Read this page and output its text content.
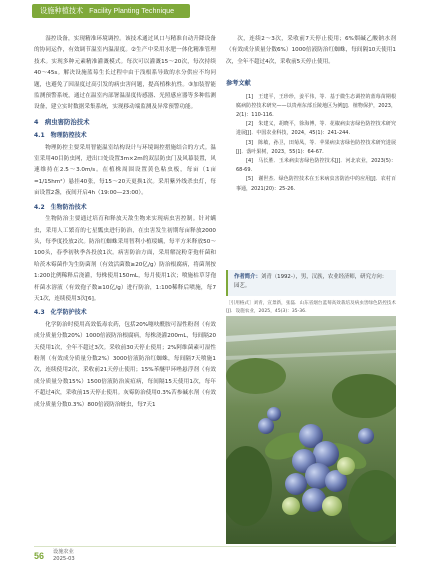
设施种植技术 Facility Planting Technique

湿控设备，实现精准环境调控。该技术通过风口与精准自动升降设备的协同运作，有效调节温室内温湿度。②生产中采用水肥一体化精准管理技术。实现多种元素精准灌溉模式。每次可以灌溉15～20次，每次持续40～45s。解决设施蓝莓生长过程中由于浅根系导致的水分供应不均问题，也避免了因湿度过高引发的病虫害问题，提高植株抗性。③加装智能监测预警系统，通过在温室内部署温湿度传感器、光照感应器等多种监测设备，建立实时数据采集系统，实现移动端监测及异常预警功能。

4　病虫害防治技术
4.1　物理防控技术

物理防控主要采用智能温室结构设计与环境调控措施结合的方式。温室采用40目防虫网，进出口处设置3m×2m的双层防虫门及风幕装置，风速维持在2.5～3.0m/s。在植株周围设置黄色粘虫板，每亩（1亩=1/15hm²）悬挂40张，每15～20天更换1次。采用紫外线杀虫灯，每亩设置2盏，夜间开启4h（19:00—23:00）。

4.2　生物防治技术

生物防治主要通过培育和释放天敌生物来实现病虫害控制。针对螨虫，采用人工繁育的七星瓢虫进行防治，在虫害发生初期每亩释放2000头，每季度投放2次。防治红蜘蛛采用智利小植绥螨，每平方米释放50～100头，春季初秋季各投放1次。病害防治方面，采用解淀粉芽孢杆菌和哈茨木霉菌作为生防菌剂（有效活菌数≥20亿/g）防治根腐病，将菌剂按1:200比例稀释后浇灌，每株使用150mL，每月使用1次；喷施枯草芽孢杆菌水溶液（有效孢子数≥10亿/g）进行防治，1:100稀释后喷施，每7天1次，连续使用3次[6]。

4.3　化学防护技术

化学防治时使用高效低毒农药，包括20%噻呋酰胺可湿性粉剂（有效成分质量分数20%）1000倍液防治根腐病，每株浇灌200mL，每间隔20天使用1次，全年不超过3次。采收前30天停止使用；2%阿维菌素可湿性粉剂（有效成分质量分数2%）3000倍液防治红蜘蛛，每间隔7天喷施1次，连续使用2次，采收前21天停止使用；15%苯醚甲环唑悬浮剂（有效成分质量分数15%）1500倍液防治炭疽病，每间隔15天使用1次，每年不超过4次，采收前15天停止使用。灰霉防治使用0.3%苦参碱水剂（有效成分质量分数0.3%）800倍液防治蚜虫，每7天1

次，连续2～3次，采收前7天停止使用；6%烟碱乙酸钠水剂（有效成分质量分数6%）1000倍液防治红蜘蛛，每间隔10天使用1次，全年不超过4次，采收前5天停止使用。

参考文献

[1]　王建平，王珍珍，姜平伟，等．基于微生态调控的蓝莓苗期根腐病防控技术研究——以贵州东部丘陵地区为例[J]．植物保护，2023，2(1)：110-116.

[2]　朱建义，胡晓平，徐海博，等．花椒病虫害绿色防控技术研究进展[J]．中国农业科技，2024，45(1)：241-244.

[3]　陈敏，孙卫，田菊凤，等．苹果病虫害绿色防控技术研究进展[J]．落叶果树，2023，55(1)：64-67.

[4]　马长胜．玉米病虫害绿色防控技术[J]．河北农业，2023(5)：68-69.

[5]　谢世杰．绿色防控技术在玉米病虫害防治中的应用[J]．农村百事通，2021(20)：25-26.

作者简介：刘青（1992-），男，汉族，农业经济师，研究方向：园艺。
［引用格式］刘青，宣景新，张磊．山东省烟台蓝莓高效栽培及病虫害绿色防控技术[J]．设施农业，2025，45(3)：35-36.
56 设施农业
2025-03
